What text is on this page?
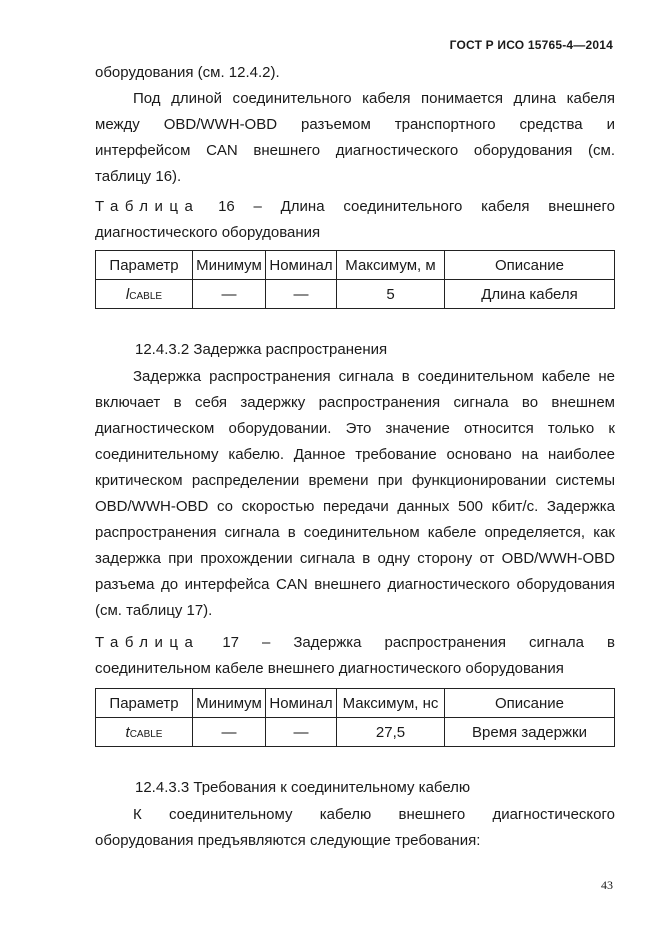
ГОСТ Р ИСО 15765-4—2014
оборудования (см. 12.4.2).
Под длиной соединительного кабеля понимается длина кабеля между OBD/WWH-OBD разъемом транспортного средства и интерфейсом CAN внешнего диагностического оборудования (см. таблицу 16).
Таблица 16 – Длина соединительного кабеля внешнего диагностического оборудования
Параметр	Минимум	Номинал	Максимум, м	Описание
lCABLE	—	—	5	Длина кабеля
12.4.3.2 Задержка распространения
Задержка распространения сигнала в соединительном кабеле не включает в себя задержку распространения сигнала во внешнем диагностическом оборудовании. Это значение относится только к соединительному кабелю. Данное требование основано на наиболее критическом распределении времени при функционировании системы OBD/WWH-OBD со скоростью передачи данных 500 кбит/с. Задержка распространения сигнала в соединительном кабеле определяется, как задержка при прохождении сигнала в одну сторону от OBD/WWH-OBD разъема до интерфейса CAN внешнего диагностического оборудования (см. таблицу 17).
Таблица 17 – Задержка распространения сигнала в соединительном кабеле внешнего диагностического оборудования
Параметр	Минимум	Номинал	Максимум, нс	Описание
tCABLE	—	—	27,5	Время задержки
12.4.3.3 Требования к соединительному кабелю
К соединительному кабелю внешнего диагностического оборудования предъявляются следующие требования:
43
